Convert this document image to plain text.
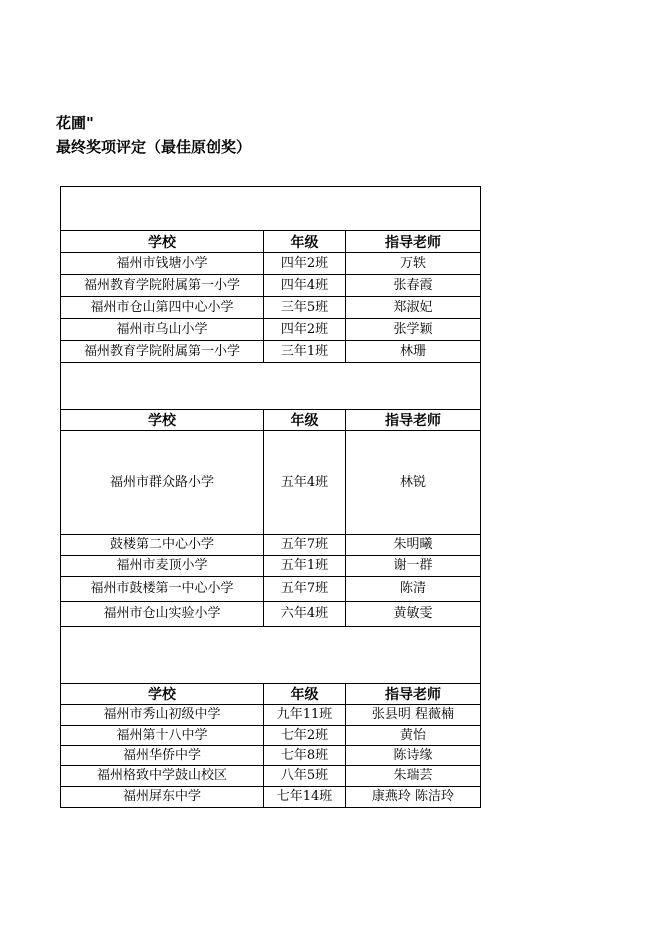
花圃"
最终奖项评定（最佳原创奖）

学校	年级	指导老师
福州市钱塘小学	四年2班	万轶
福州教育学院附属第一小学	四年4班	张春霞
福州市仓山第四中心小学	三年5班	郑淑妃
福州市乌山小学	四年2班	张学颖
福州教育学院附属第一小学	三年1班	林珊

学校	年级	指导老师
福州市群众路小学	五年4班	林锐
鼓楼第二中心小学	五年7班	朱明曦
福州市麦顶小学	五年1班	谢一群
福州市鼓楼第一中心小学	五年7班	陈清
福州市仓山实验小学	六年4班	黄敏雯

学校	年级	指导老师
福州市秀山初级中学	九年11班	张县明 程薇楠
福州第十八中学	七年2班	黄怡
福州华侨中学	七年8班	陈诗缘
福州格致中学鼓山校区	八年5班	朱瑞芸
福州屏东中学	七年14班	康燕玲 陈洁玲
